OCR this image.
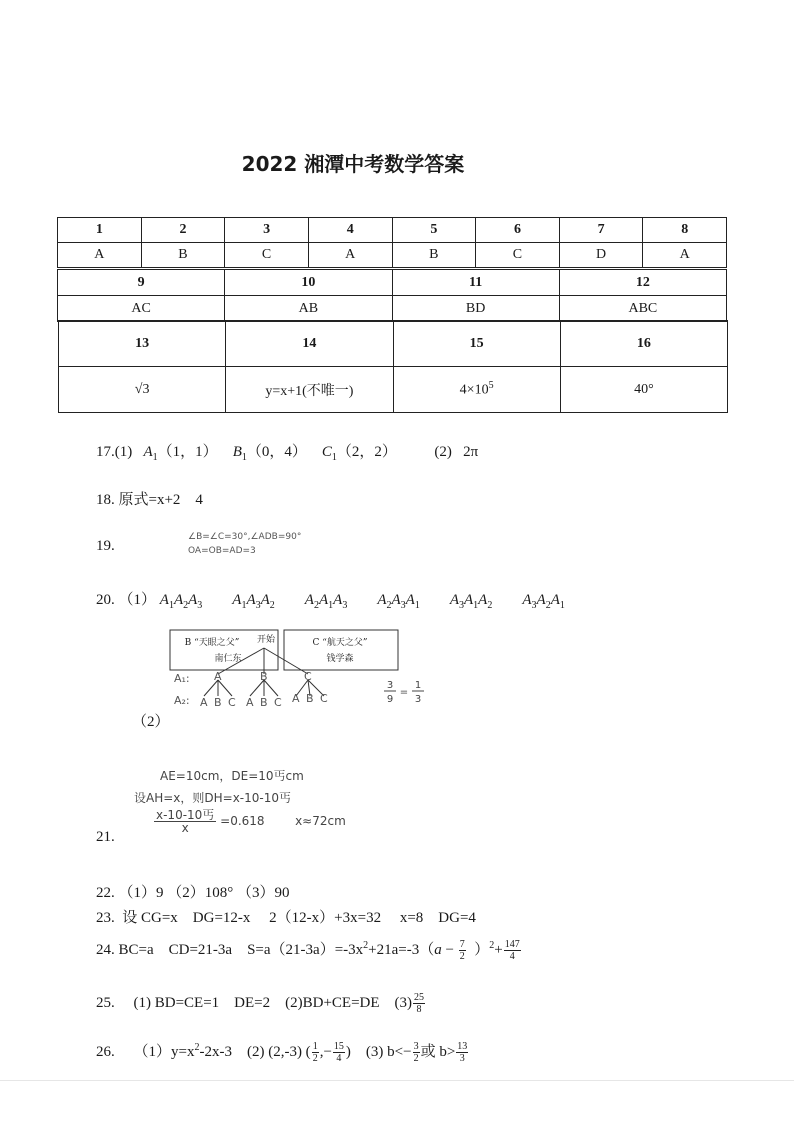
2022 湘潭中考数学答案
1	2	3	4	5	6	7	8
A	B	C	A	B	C	D	A
9	10	11	12
AC	AB	BD	ABC
13	14	15	16
√3	y=x+1(不唯一)	$4\times 10^5$	40°
17.(1) $A_1(1$，1） $B_1(0$，4） $C_1(2$，2）	(2) 2π
18. 原式=x+2    4
19.
∠B=∠C=30°,∠ADB=90°
OA=OB=AD=3
20. （1） $A_1A_2A_3$ $A_1A_3A_2$ $A_2A_1A_3$ $A_2A_3A_1$ $A_3A_1A_2$ $A_3A_2A_1$
B “天眼之父”
南仁东
开始	C “航天之父”
钱学森
A₁:
A₂:
A	B	C
A B C A B C A B C
3
9
=
1
3
（2）
AE=10cm，DE=10丐cm
设AH=x，则DH=x-10-10丐
x-10-10丐
x	=0.618	x≈72cm
21.
22. （1）9 （2）108° （3）90
23.  设 CG=x    DG=12-x     2（12-x）+3x=32     x=8    DG=4
24. BC=a    CD=21-3a    $S=a(21-3a)=-3x^2+21a=-3(a - \frac{7}{2} )^2+ \frac{147}{4}$
25.     (1) BD=CE=1    DE=2    (2)BD+CE=DE    $(3) \frac{25}{8}$
26.     $(1)y=x^2-2x-3$    (2) (2,-3) ( $\frac{1}{2}$ ,− $\frac{15}{4}$ )    (3) $b<- \frac{3}{2}$ 或 $b> \frac{13}{3}$
